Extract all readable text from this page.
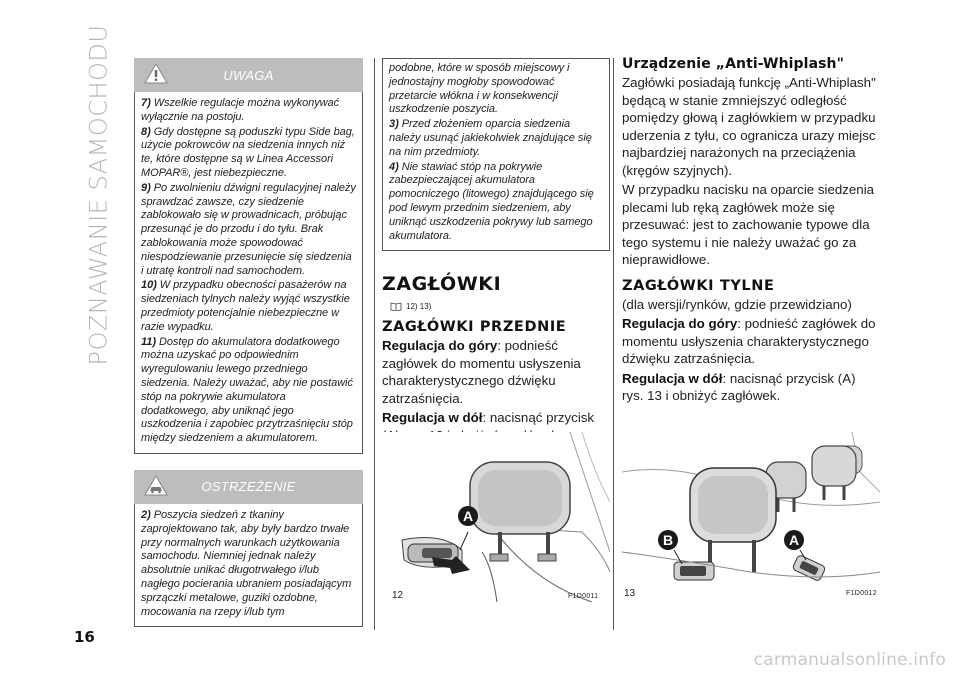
POZNAWANIE SAMOCHODU	UWAGA

7) Wszelkie regulacje można wykonywać wyłącznie na postoju.

8) Gdy dostępne są poduszki typu Side bag, użycie pokrowców na siedzenia innych niż te, które dostępne są w Linea Accessori MOPAR®, jest niebezpieczne.

9) Po zwolnieniu dźwigni regulacyjnej należy sprawdzać zawsze, czy siedzenie zablokowało się w prowadnicach, próbując przesunąć je do przodu i do tyłu. Brak zablokowania może spowodować niespodziewanie przesunięcie się siedzenia i utratę kontroli nad samochodem.

10) W przypadku obecności pasażerów na siedzeniach tylnych należy wyjąć wszystkie przedmioty potencjalnie niebezpieczne w razie wypadku.

11) Dostęp do akumulatora dodatkowego można uzyskać po odpowiednim wyregulowaniu lewego przedniego siedzenia. Należy uważać, aby nie postawić stóp na pokrywie akumulatora dodatkowego, aby uniknąć jego uszkodzenia i zapobiec przytrzaśnięciu stóp między siedzeniem a akumulatorem.

OSTRZEŻENIE

2) Poszycia siedzeń z tkaniny zaprojektowano tak, aby były bardzo trwałe przy normalnych warunkach użytkowania samochodu. Niemniej jednak należy absolutnie unikać długotrwałego i/lub nagłego pocierania ubraniem posiadającym sprzączki metalowe, guziki ozdobne, mocowania na rzepy i/lub tym

podobne, które w sposób miejscowy i jednostajny mogłoby spowodować przetarcie włókna i w konsekwencji uszkodzenie poszycia.

3) Przed złożeniem oparcia siedzenia należy usunąć jakiekolwiek znajdujące się na nim przedmioty.

4) Nie stawiać stóp na pokrywie zabezpieczającej akumulatora pomocniczego (litowego) znajdującego się pod lewym przednim siedzeniem, aby uniknąć uszkodzenia pokrywy lub samego akumulatora.

ZAGŁÓWKI
12) 13)
ZAGŁÓWKI PRZEDNIE

Regulacja do góry: podnieść zagłówek do momentu usłyszenia charakterystycznego dźwięku zatrzaśnięcia.

Regulacja w dół: nacisnąć przycisk

A
12	F1D0011
Urządzenie „Anti-Whiplash"

Zagłówki posiadają funkcję „Anti-Whiplash" będącą w stanie zmniejszyć odległość pomiędzy głową i zagłówkiem w przypadku uderzenia z tyłu, co ogranicza urazy miejsc najbardziej narażonych na przeciążenia (kręgów szyjnych).

W przypadku nacisku na oparcie siedzenia plecami lub ręką zagłówek może się przesuwać: jest to zachowanie typowe dla tego systemu i nie należy uważać go za nieprawidłowe.

ZAGŁÓWKI TYLNE

(dla wersji/rynków, gdzie przewidziano)

Regulacja do góry: podnieść zagłówek do momentu usłyszenia charakterystycznego dźwięku zatrzaśnięcia.

Regulacja w dół: nacisnąć przycisk (A) rys. 13 i obniżyć zagłówek.

B	A
13	F1D0012
16
carmanualsonline.info
